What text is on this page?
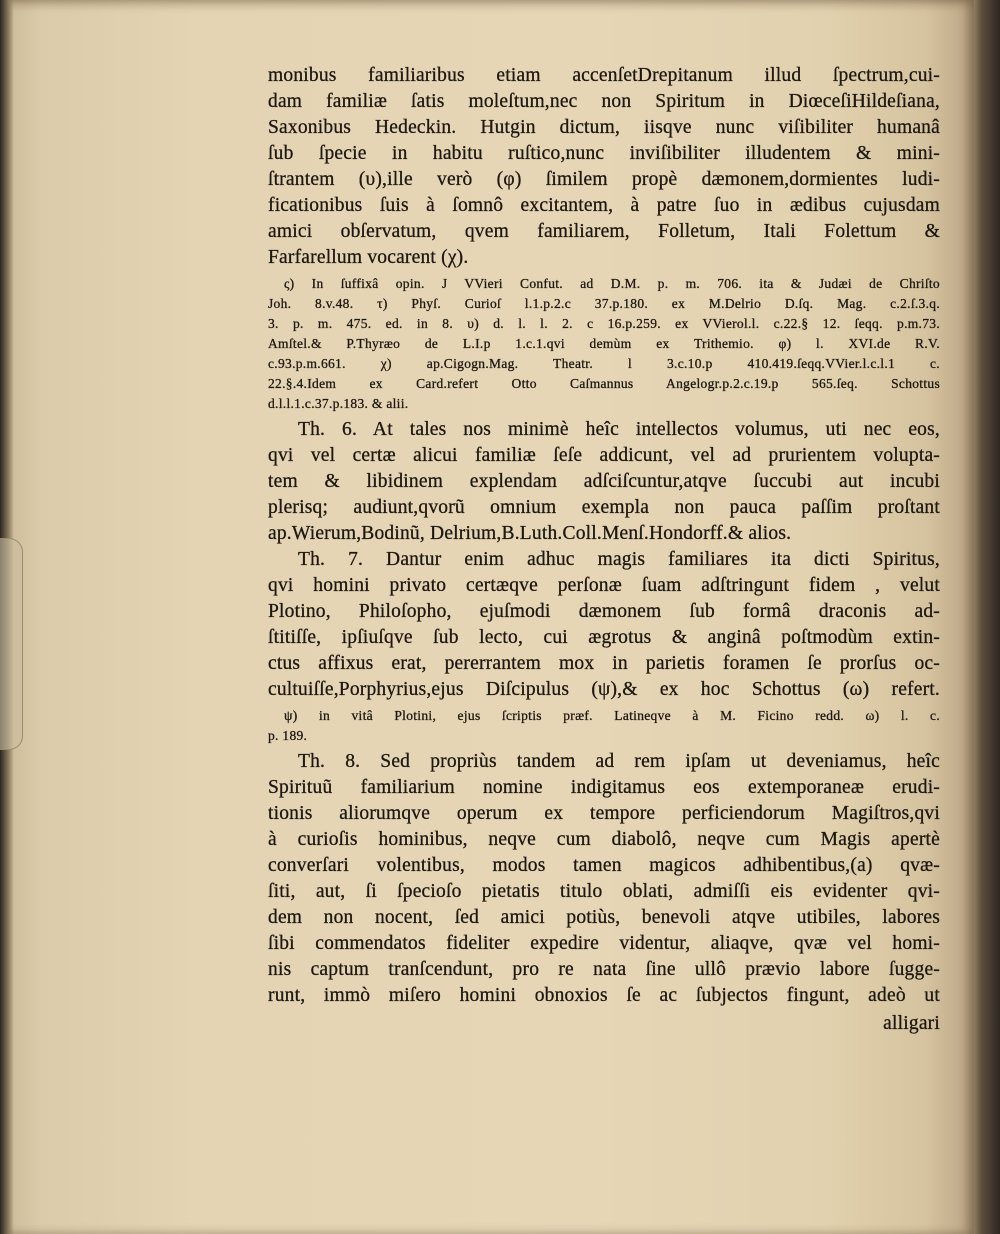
monibus familiaribus etiam accenſetDrepitanum illud ſpectrum,cui-
dam familiæ ſatis moleſtum,nec non Spiritum in DiœceſiHildeſiana,
Saxonibus Hedeckin. Hutgin dictum, iisqve nunc viſibiliter humanâ
ſub ſpecie in habitu ruſtico,nunc inviſibiliter illudentem & mini-
ſtrantem (υ),ille verò (φ) ſimilem propè dæmonem,dormientes ludi-
ficationibus ſuis à ſomnô excitantem, à patre ſuo in ædibus cujusdam
amici obſervatum, qvem familiarem, Folletum, Itali Folettum &
Farfarellum vocarent (χ).
ς) In ſuffixâ opin. J VVieri Confut. ad D.M. p. m. 706. ita & Judæi de Chriſto
Joh. 8.v.48. τ) Phyſ. Curioſ l.1.p.2.c 37.p.180. ex M.Delrio D.ſq. Mag. c.2.ſ.3.q.
3. p. m. 475. ed. in 8. υ) d. l. l. 2. c 16.p.259. ex VVierol.l. c.22.§ 12. ſeqq. p.m.73.
Amſtel.& P.Thyræo de L.I.p 1.c.1.qvi demùm ex Trithemio. φ) l. XVI.de R.V.
c.93.p.m.661. χ) ap.Cigogn.Mag. Theatr. l 3.c.10.p 410.419.ſeqq.VVier.l.c.l.1 c.
22.§.4.Idem ex Card.refert Otto Caſmannus Angelogr.p.2.c.19.p 565.ſeq. Schottus
d.l.l.1.c.37.p.183. & alii.
Th. 6. At tales nos minimè heîc intellectos volumus, uti nec eos,
qvi vel certæ alicui familiæ ſeſe addicunt, vel ad prurientem volupta-
tem & libidinem explendam adſciſcuntur,atqve ſuccubi aut incubi
plerisq; audiunt,qvorũ omnium exempla non pauca paſſim proſtant
ap.Wierum,Bodinũ, Delrium,B.Luth.Coll.Menſ.Hondorff.& alios.
Th. 7. Dantur enim adhuc magis familiares ita dicti Spiritus,
qvi homini privato certæqve perſonæ ſuam adſtringunt fidem , velut
Plotino, Philoſopho, ejuſmodi dæmonem ſub formâ draconis ad-
ſtitiſſe, ipſiuſqve ſub lecto, cui ægrotus & anginâ poſtmodùm extin-
ctus affixus erat, pererrantem mox in parietis foramen ſe prorſus oc-
cultuiſſe,Porphyrius,ejus Diſcipulus (ψ),& ex hoc Schottus (ω) refert.
ψ) in vitâ Plotini, ejus ſcriptis præf. Latineqve à M. Ficino redd. ω) l. c.
p. 189.
Th. 8. Sed propriùs tandem ad rem ipſam ut deveniamus, heîc
Spirituũ familiarium nomine indigitamus eos extemporaneæ erudi-
tionis aliorumqve operum ex tempore perficiendorum Magiſtros,qvi
à curioſis hominibus, neqve cum diabolô, neqve cum Magis apertè
converſari volentibus, modos tamen magicos adhibentibus,(a) qvæ-
ſiti, aut, ſi ſpecioſo pietatis titulo oblati, admiſſi eis evidenter qvi-
dem non nocent, ſed amici potiùs, benevoli atqve utibiles, labores
ſibi commendatos fideliter expedire videntur, aliaqve, qvæ vel homi-
nis captum tranſcendunt, pro re nata ſine ullô prævio labore ſugge-
runt, immò miſero homini obnoxios ſe ac ſubjectos fingunt, adeò ut
alligari
